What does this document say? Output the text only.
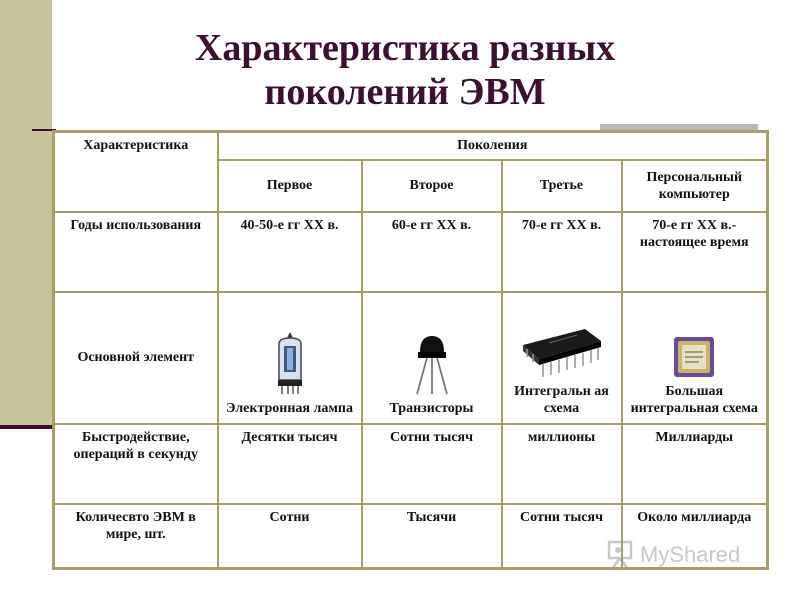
Характеристика разных
поколений ЭВМ
Характеристика	Поколения			
	Первое	Второе	Третье	Персональный компьютер
Годы использования	40-50-е гг XX в.	60-е гг XX в.	70-е гг XX в.	70-е гг XX в.- настоящее время
Основной элемент	Электронная лампа	Транзисторы	Интегральн ая схема	Большая интегральная схема
Быстродействие, операций в секунду	Десятки тысяч	Сотни тысяч	миллионы	Миллиарды
Количесвто ЭВМ в мире, шт.	Сотни	Тысячи	Сотни тысяч	Около миллиарда
MyShared
